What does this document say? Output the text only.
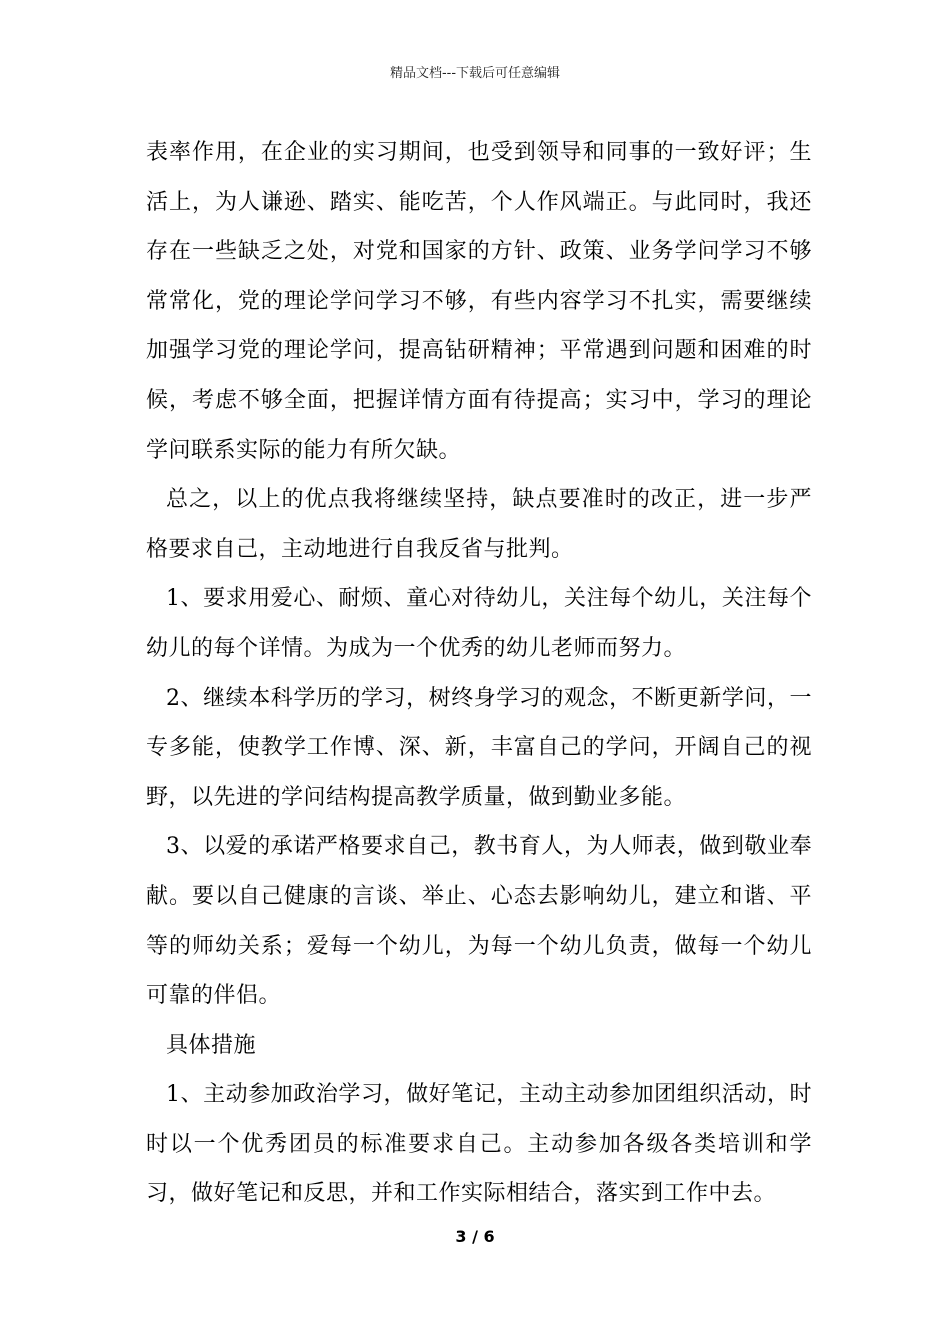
精品文档---下载后可任意编辑

表率作用，在企业的实习期间，也受到领导和同事的一致好评；生活上，为人谦逊、踏实、能吃苦，个人作风端正。与此同时，我还存在一些缺乏之处，对党和国家的方针、政策、业务学问学习不够常常化，党的理论学问学习不够，有些内容学习不扎实，需要继续加强学习党的理论学问，提高钻研精神；平常遇到问题和困难的时候，考虑不够全面，把握详情方面有待提高；实习中，学习的理论学问联系实际的能力有所欠缺。

总之，以上的优点我将继续坚持，缺点要准时的改正，进一步严格要求自己，主动地进行自我反省与批判。

1、要求用爱心、耐烦、童心对待幼儿，关注每个幼儿，关注每个幼儿的每个详情。为成为一个优秀的幼儿老师而努力。

2、继续本科学历的学习，树终身学习的观念，不断更新学问，一专多能，使教学工作博、深、新，丰富自己的学问，开阔自己的视野，以先进的学问结构提高教学质量，做到勤业多能。

3、以爱的承诺严格要求自己，教书育人，为人师表，做到敬业奉献。要以自己健康的言谈、举止、心态去影响幼儿，建立和谐、平等的师幼关系；爱每一个幼儿，为每一个幼儿负责，做每一个幼儿可靠的伴侣。

具体措施

1、主动参加政治学习，做好笔记，主动主动参加团组织活动，时时以一个优秀团员的标准要求自己。主动参加各级各类培训和学习，做好笔记和反思，并和工作实际相结合，落实到工作中去。

3 / 6
